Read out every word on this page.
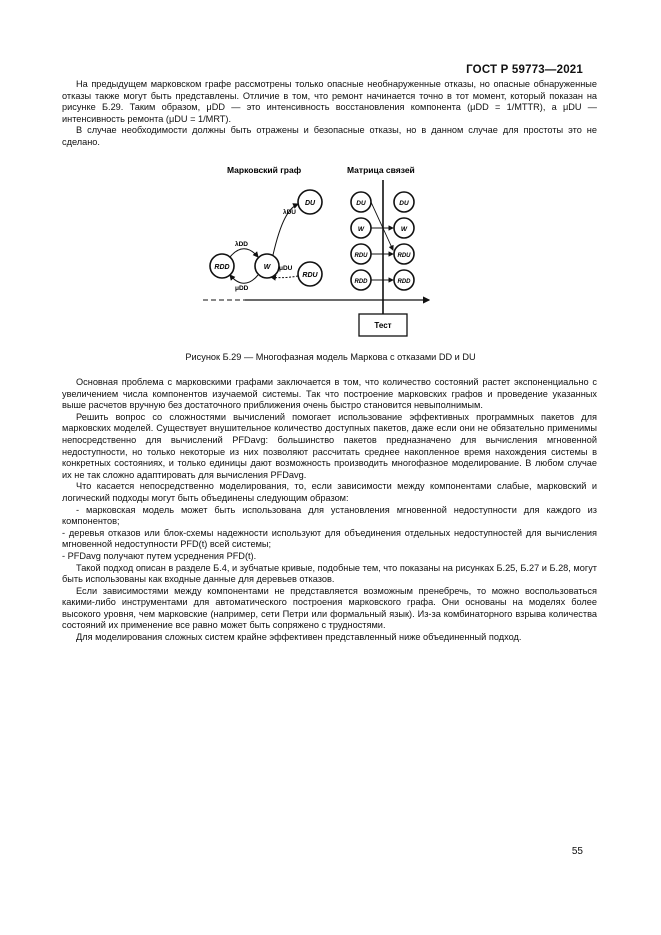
ГОСТ Р 59773—2021

На предыдущем марковском графе рассмотрены только опасные необнаруженные отказы, но опасные обнаруженные отказы также могут быть представлены. Отличие в том, что ремонт начинается точно в тот момент, который показан на рисунке Б.29. Таким образом, μDD — это интенсивность восстановления компонента (μDD = 1/MTTR), а μDU — интенсивность ремонта (μDU = 1/MRT).

В случае необходимости должны быть отражены и безопасные отказы, но в данном случае для простоты это не сделано.

Марковский граф	Матрица связей
RDD	W
DU
RDU
λDD
μDD
λDU
μDU
DU
W
RDU
RDD
DU
W
RDU
RDD
Тест
Рисунок Б.29 — Многофазная модель Маркова с отказами DD и DU

Основная проблема с марковскими графами заключается в том, что количество состояний растет экспоненциально с увеличением числа компонентов изучаемой системы. Так что построение марковских графов и проведение указанных выше расчетов вручную без достаточного приближения очень быстро становится невыполнимым.

Решить вопрос со сложностями вычислений помогает использование эффективных программных пакетов для марковских моделей. Существует внушительное количество доступных пакетов, даже если они не обязательно применимы непосредственно для вычислений PFDavg: большинство пакетов предназначено для вычисления мгновенной недоступности, но только некоторые из них позволяют рассчитать среднее накопленное время нахождения системы в конкретных состояниях, и только единицы дают возможность производить многофазное моделирование. В любом случае их не так сложно адаптировать для вычисления PFDavg.

Что касается непосредственно моделирования, то, если зависимости между компонентами слабые, марковский и логический подходы могут быть объединены следующим образом:

- марковская модель может быть использована для установления мгновенной недоступности для каждого из компонентов;

- деревья отказов или блок-схемы надежности используют для объединения отдельных недоступностей для вычисления мгновенной недоступности PFD(t) всей системы;

- PFDavg получают путем усреднения PFD(t).

Такой подход описан в разделе Б.4, и зубчатые кривые, подобные тем, что показаны на рисунках Б.25, Б.27 и Б.28, могут быть использованы как входные данные для деревьев отказов.

Если зависимостями между компонентами не представляется возможным пренебречь, то можно воспользоваться какими-либо инструментами для автоматического построения марковского графа. Они основаны на моделях более высокого уровня, чем марковские (например, сети Петри или формальный язык). Из-за комбинаторного взрыва количества состояний их применение все равно может быть сопряжено с трудностями.

Для моделирования сложных систем крайне эффективен представленный ниже объединенный подход.

55
